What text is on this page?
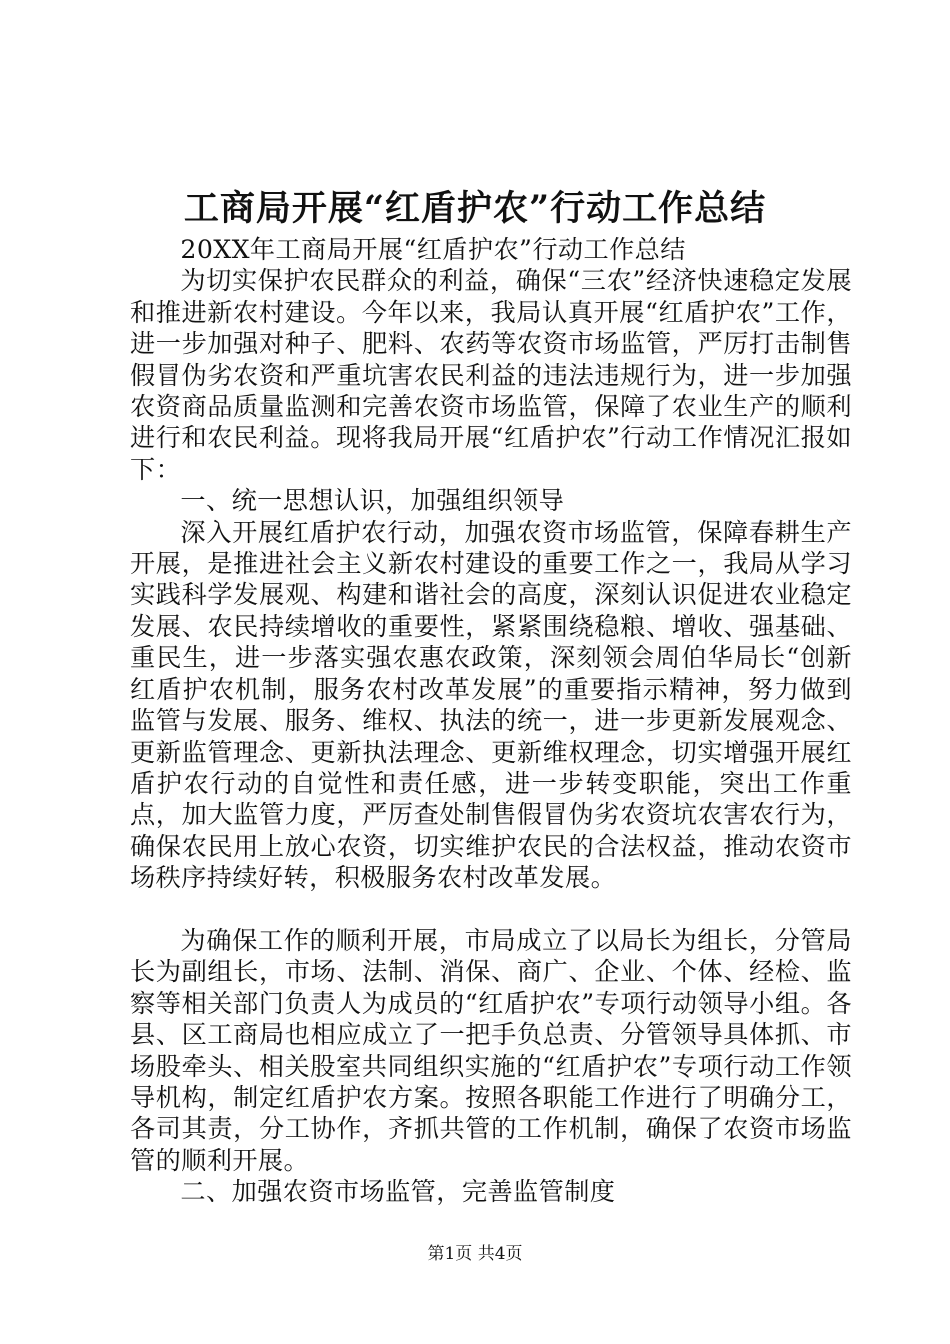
工商局开展“红盾护农”行动工作总结

20XX年工商局开展“红盾护农”行动工作总结

为切实保护农民群众的利益，确保“三农”经济快速稳定发展和推进新农村建设。今年以来，我局认真开展“红盾护农”工作，进一步加强对种子、肥料、农药等农资市场监管，严厉打击制售假冒伪劣农资和严重坑害农民利益的违法违规行为，进一步加强农资商品质量监测和完善农资市场监管，保障了农业生产的顺利进行和农民利益。现将我局开展“红盾护农”行动工作情况汇报如下：

一、统一思想认识，加强组织领导

深入开展红盾护农行动，加强农资市场监管，保障春耕生产开展，是推进社会主义新农村建设的重要工作之一，我局从学习实践科学发展观、构建和谐社会的高度，深刻认识促进农业稳定发展、农民持续增收的重要性，紧紧围绕稳粮、增收、强基础、重民生，进一步落实强农惠农政策，深刻领会周伯华局长“创新红盾护农机制，服务农村改革发展”的重要指示精神，努力做到监管与发展、服务、维权、执法的统一，进一步更新发展观念、更新监管理念、更新执法理念、更新维权理念，切实增强开展红盾护农行动的自觉性和责任感，进一步转变职能，突出工作重点，加大监管力度，严厉查处制售假冒伪劣农资坑农害农行为，确保农民用上放心农资，切实维护农民的合法权益，推动农资市场秩序持续好转，积极服务农村改革发展。

为确保工作的顺利开展，市局成立了以局长为组长，分管局长为副组长，市场、法制、消保、商广、企业、个体、经检、监察等相关部门负责人为成员的“红盾护农”专项行动领导小组。各县、区工商局也相应成立了一把手负总责、分管领导具体抓、市场股牵头、相关股室共同组织实施的“红盾护农”专项行动工作领导机构，制定红盾护农方案。按照各职能工作进行了明确分工，各司其责，分工协作，齐抓共管的工作机制，确保了农资市场监管的顺利开展。

二、加强农资市场监管，完善监管制度

第1页 共4页
